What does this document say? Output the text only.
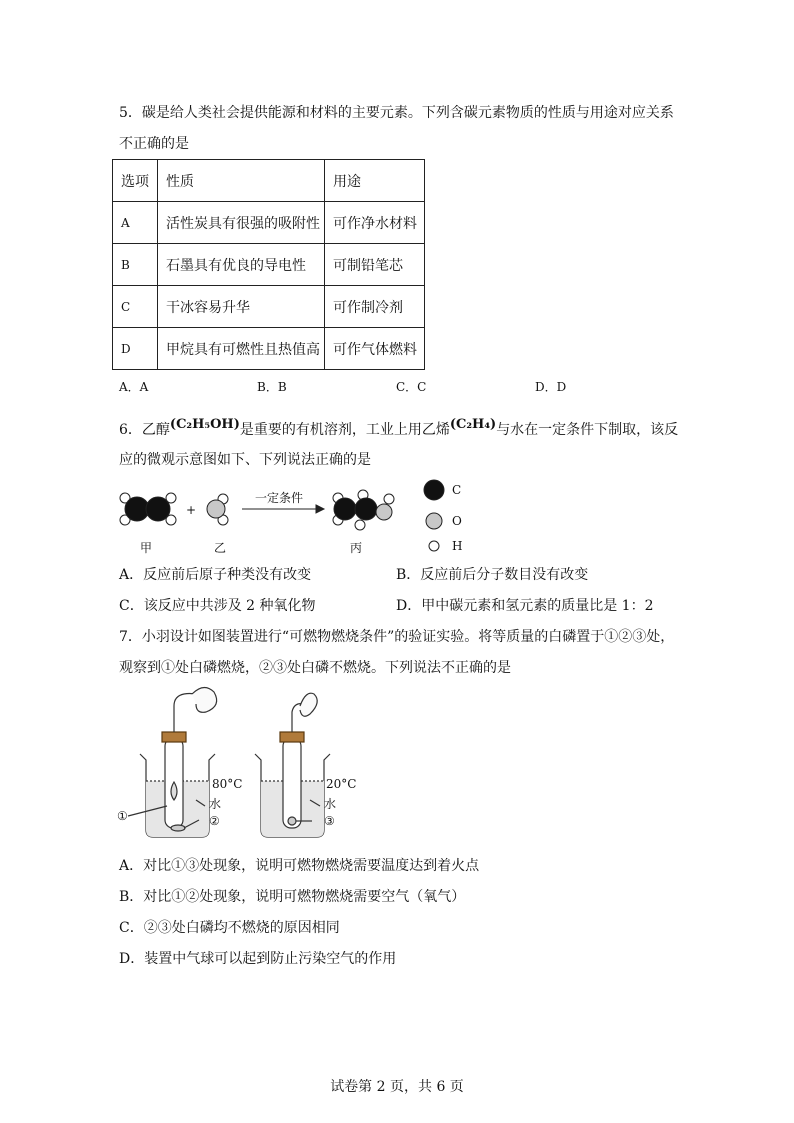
5．碳是给人类社会提供能源和材料的主要元素。下列含碳元素物质的性质与用途对应关系
不正确的是
选项	性质	用途
A	活性炭具有很强的吸附性	可作净水材料
B	石墨具有优良的导电性	可制铅笔芯
C	干冰容易升华	可作制冷剂
D	甲烷具有可燃性且热值高	可作气体燃料
A．A	B．B	C．C	D．D
6．乙醇(C₂H₅OH)是重要的有机溶剂，工业上用乙烯(C₂H₄)与水在一定条件下制取，该反
应的微观示意图如下、下列说法正确的是
+
一定条件
C
O
H
甲	乙	丙
A．反应前后原子种类没有改变	B．反应前后分子数目没有改变
C．该反应中共涉及 2 种氧化物	D．甲中碳元素和氢元素的质量比是 1：2
7．小羽设计如图装置进行“可燃物燃烧条件”的验证实验。将等质量的白磷置于①②③处，
观察到①处白磷燃烧，②③处白磷不燃烧。下列说法不正确的是
80°C
水
①	②
20°C
水
③
A．对比①③处现象，说明可燃物燃烧需要温度达到着火点
B．对比①②处现象，说明可燃物燃烧需要空气（氧气）
C．②③处白磷均不燃烧的原因相同
D．装置中气球可以起到防止污染空气的作用
试卷第 2 页，共 6 页
